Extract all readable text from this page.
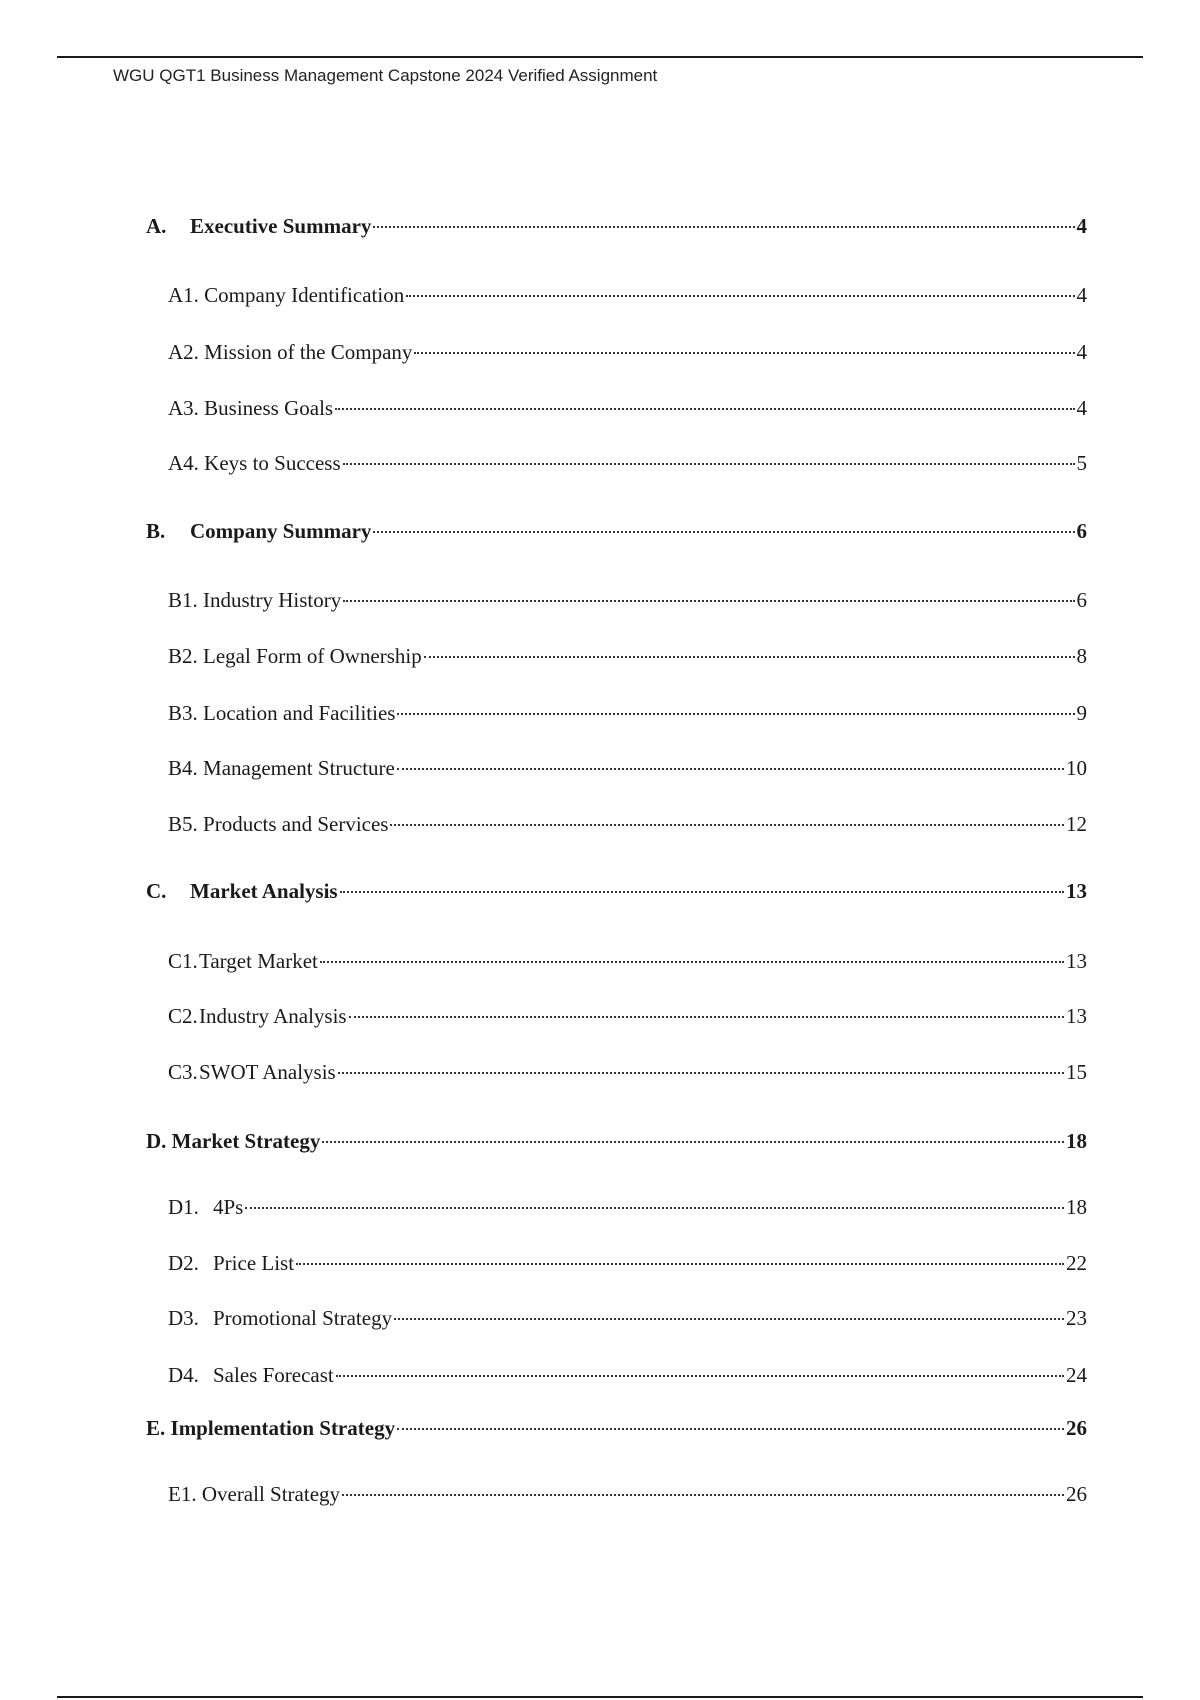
WGU QGT1 Business Management Capstone 2024 Verified Assignment
A.	Executive Summary	4
A1. Company Identification	4
A2. Mission of the Company	4
A3. Business Goals	4
A4. Keys to Success	5
B.	Company Summary	6
B1. Industry History	6
B2. Legal Form of Ownership	8
B3. Location and Facilities	9
B4. Management Structure	10
B5. Products and Services	12
C.	Market Analysis	13
C1. Target Market	13
C2. Industry Analysis	13
C3. SWOT Analysis	15
D. Market Strategy	18
D1. 4Ps	18
D2. Price List	22
D3. Promotional Strategy	23
D4. Sales Forecast	24
E. Implementation Strategy	26
E1. Overall Strategy	26
